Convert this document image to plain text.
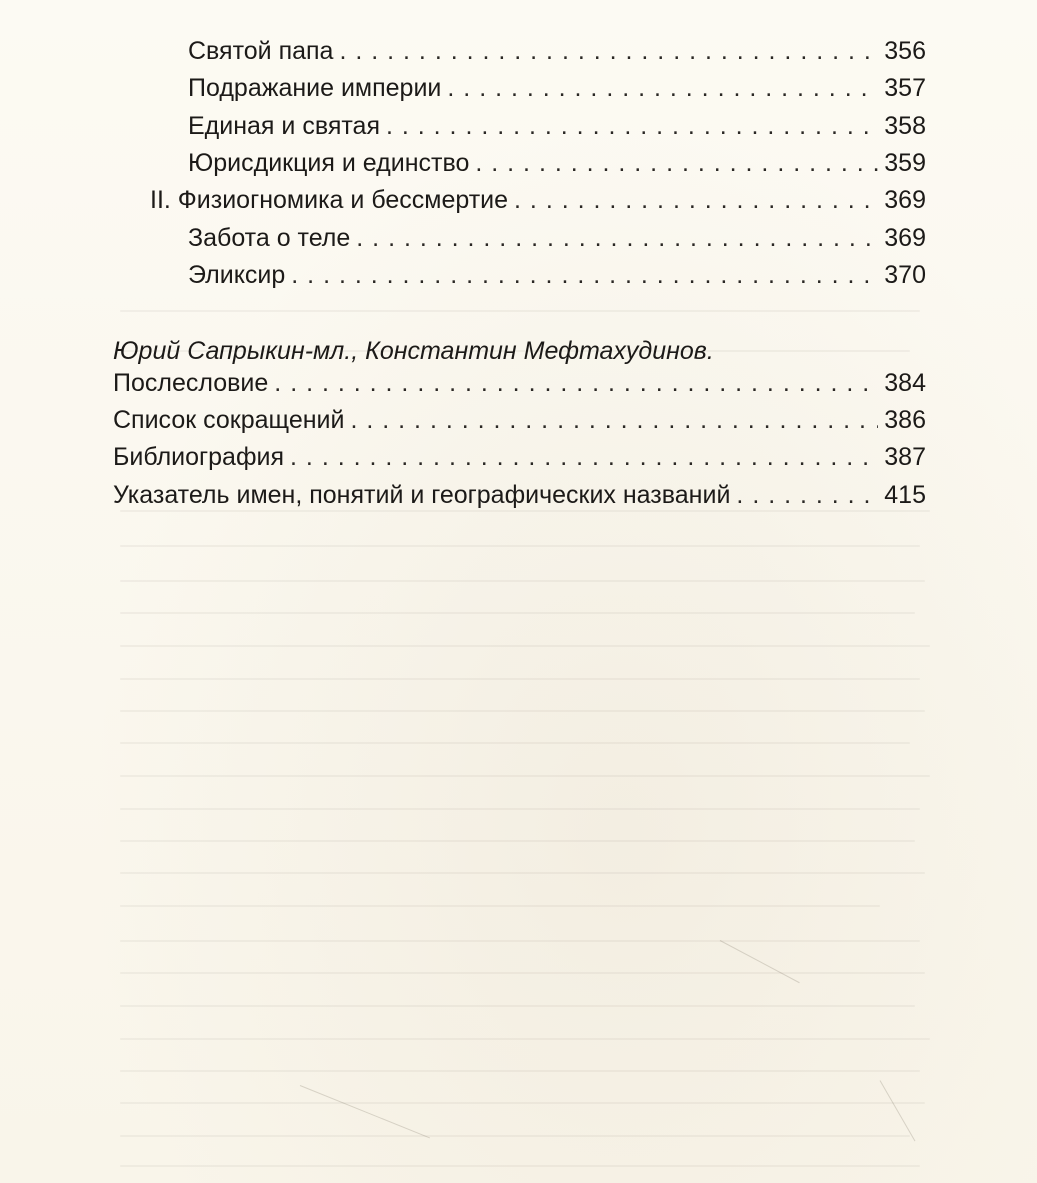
Святой папа . . .	356
Подражание империи . . .	357
Единая и святая . . .	358
Юрисдикция и единство . . .	359
II. Физиогномика и бессмертие . . .	369
Забота о теле . . .	369
Эликсир . . .	370
Юрий Сапрыкин-мл., Константин Мефтахудинов.
Послесловие . . .	384
Список сокращений . . .	386
Библиография . . .	387
Указатель имен, понятий и географических названий . . .	415
